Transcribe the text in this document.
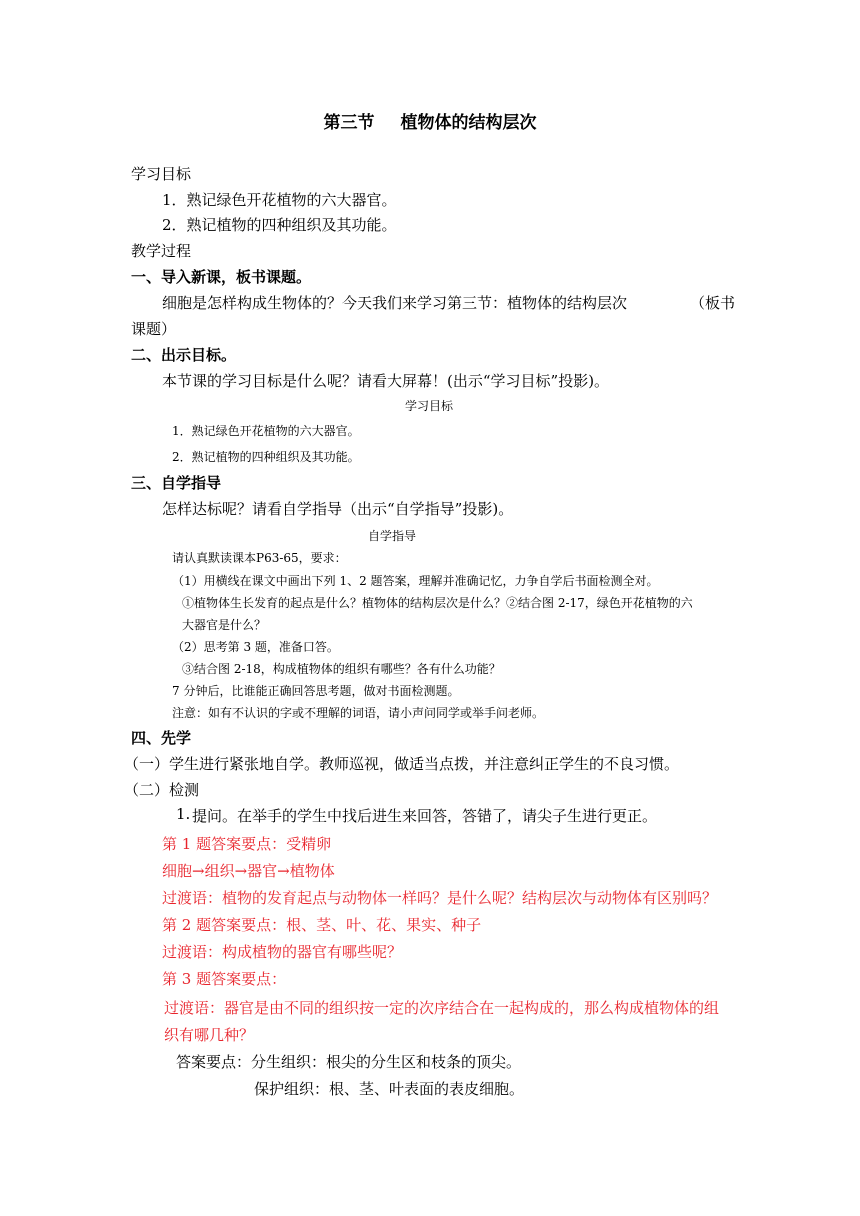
第三节 植物体的结构层次
学习目标
1．熟记绿色开花植物的六大器官。
2．熟记植物的四种组织及其功能。
教学过程
一、导入新课，板书课题。
细胞是怎样构成生物体的？今天我们来学习第三节：植物体的结构层次	（板书
课题）
二、出示目标。
本节课的学习目标是什么呢？请看大屏幕！(出示“学习目标”投影)。
学习目标
1．熟记绿色开花植物的六大器官。
2．熟记植物的四种组织及其功能。
三、自学指导
怎样达标呢？请看自学指导（出示“自学指导”投影)。
自学指导
请认真默读课本P63-65，要求：
（1）用横线在课文中画出下列 1、2 题答案，理解并准确记忆，力争自学后书面检测全对。
①植物体生长发育的起点是什么？植物体的结构层次是什么？②结合图 2-17，绿色开花植物的六
大器官是什么？
（2）思考第 3 题，准备口答。
③结合图 2-18，构成植物体的组织有哪些？各有什么功能？
7 分钟后，比谁能正确回答思考题，做对书面检测题。
注意：如有不认识的字或不理解的词语，请小声问同学或举手问老师。
四、先学
（一）学生进行紧张地自学。教师巡视，做适当点拨，并注意纠正学生的不良习惯。
（二）检测
1. 提问。在举手的学生中找后进生来回答，答错了，请尖子生进行更正。
第 1 题答案要点：受精卵
细胞→组织→器官→植物体
过渡语：植物的发育起点与动物体一样吗？是什么呢？结构层次与动物体有区别吗？
第 2 题答案要点：根、茎、叶、花、果实、种子
过渡语：构成植物的器官有哪些呢？
第 3 题答案要点：
过渡语：器官是由不同的组织按一定的次序结合在一起构成的，那么构成植物体的组
织有哪几种？
答案要点：分生组织：根尖的分生区和枝条的顶尖。
保护组织：根、茎、叶表面的表皮细胞。
